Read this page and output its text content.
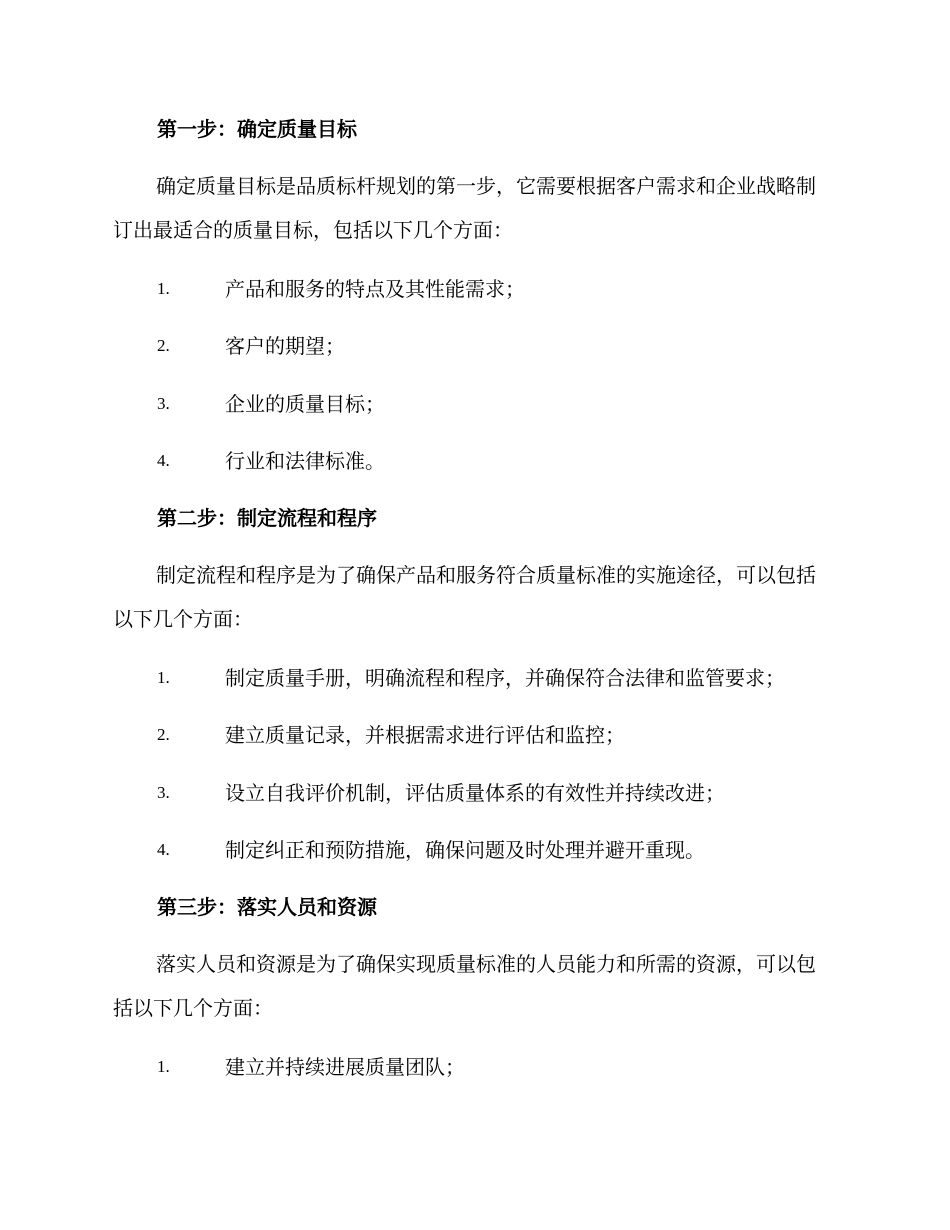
第一步：确定质量目标
确定质量目标是品质标杆规划的第一步，它需要根据客户需求和企业战略制订出最适合的质量目标，包括以下几个方面：
1.	产品和服务的特点及其性能需求；
2.	客户的期望；
3.	企业的质量目标；
4.	行业和法律标准。
第二步：制定流程和程序
制定流程和程序是为了确保产品和服务符合质量标准的实施途径，可以包括以下几个方面：
1.	制定质量手册，明确流程和程序，并确保符合法律和监管要求；
2.	建立质量记录，并根据需求进行评估和监控；
3.	设立自我评价机制，评估质量体系的有效性并持续改进；
4.	制定纠正和预防措施，确保问题及时处理并避开重现。
第三步：落实人员和资源
落实人员和资源是为了确保实现质量标准的人员能力和所需的资源，可以包括以下几个方面：
1.	建立并持续进展质量团队；
